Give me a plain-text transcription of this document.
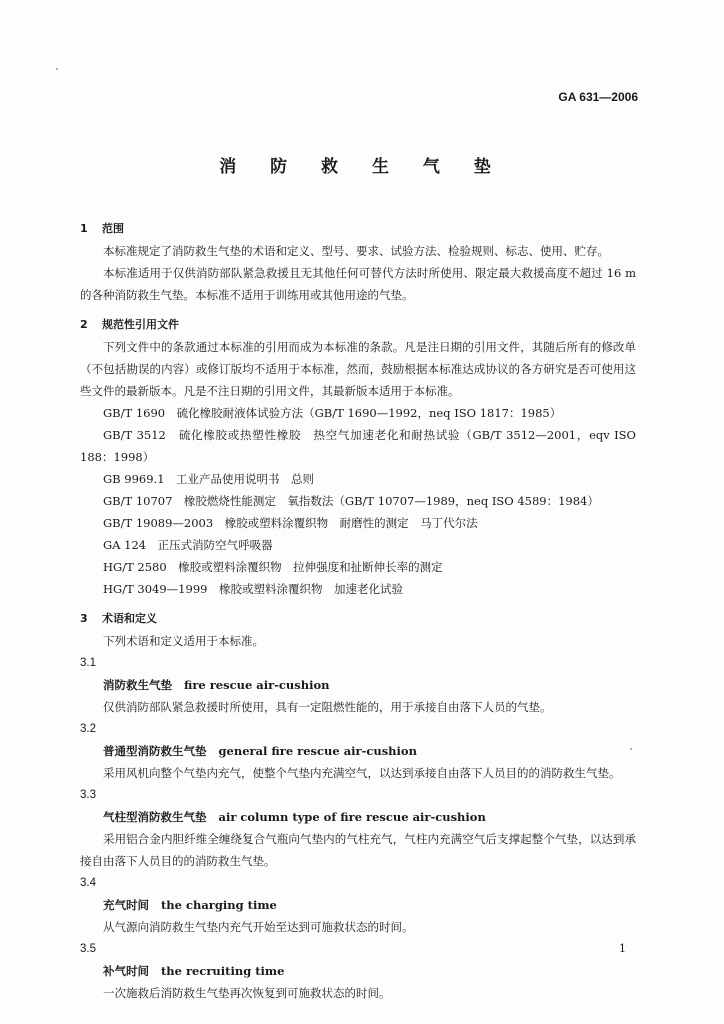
GA 631—2006
消 防 救 生 气 垫
1 范围

本标准规定了消防救生气垫的术语和定义、型号、要求、试验方法、检验规则、标志、使用、贮存。

本标准适用于仅供消防部队紧急救援且无其他任何可替代方法时所使用、限定最大救援高度不超过 16 m 的各种消防救生气垫。本标准不适用于训练用或其他用途的气垫。

2 规范性引用文件

下列文件中的条款通过本标准的引用而成为本标准的条款。凡是注日期的引用文件，其随后所有的修改单（不包括勘误的内容）或修订版均不适用于本标准，然而，鼓励根据本标准达成协议的各方研究是否可使用这些文件的最新版本。凡是不注日期的引用文件，其最新版本适用于本标准。

GB/T 1690　硫化橡胶耐液体试验方法（GB/T 1690—1992，neq ISO 1817：1985）

GB/T 3512　硫化橡胶或热塑性橡胶　热空气加速老化和耐热试验（GB/T 3512—2001，eqv ISO 188：1998）

GB 9969.1　工业产品使用说明书　总则

GB/T 10707　橡胶燃烧性能测定　氧指数法（GB/T 10707—1989，neq ISO 4589：1984）

GB/T 19089—2003　橡胶或塑料涂覆织物　耐磨性的测定　马丁代尔法

GA 124　正压式消防空气呼吸器

HG/T 2580　橡胶或塑料涂覆织物　拉伸强度和扯断伸长率的测定

HG/T 3049—1999　橡胶或塑料涂覆织物　加速老化试验

3 术语和定义

下列术语和定义适用于本标准。

3.1
消防救生气垫 fire rescue air-cushion

仅供消防部队紧急救援时所使用，具有一定阻燃性能的，用于承接自由落下人员的气垫。

3.2
普通型消防救生气垫 general fire rescue air-cushion

采用风机向整个气垫内充气，使整个气垫内充满空气，以达到承接自由落下人员目的的消防救生气垫。

3.3
气柱型消防救生气垫 air column type of fire rescue air-cushion

采用铝合金内胆纤维全缠绕复合气瓶向气垫内的气柱充气，气柱内充满空气后支撑起整个气垫，以达到承接自由落下人员目的的消防救生气垫。

3.4
充气时间 the charging time

从气源向消防救生气垫内充气开始至达到可施救状态的时间。

3.5
补气时间 the recruiting time

一次施救后消防救生气垫再次恢复到可施救状态的时间。

1
